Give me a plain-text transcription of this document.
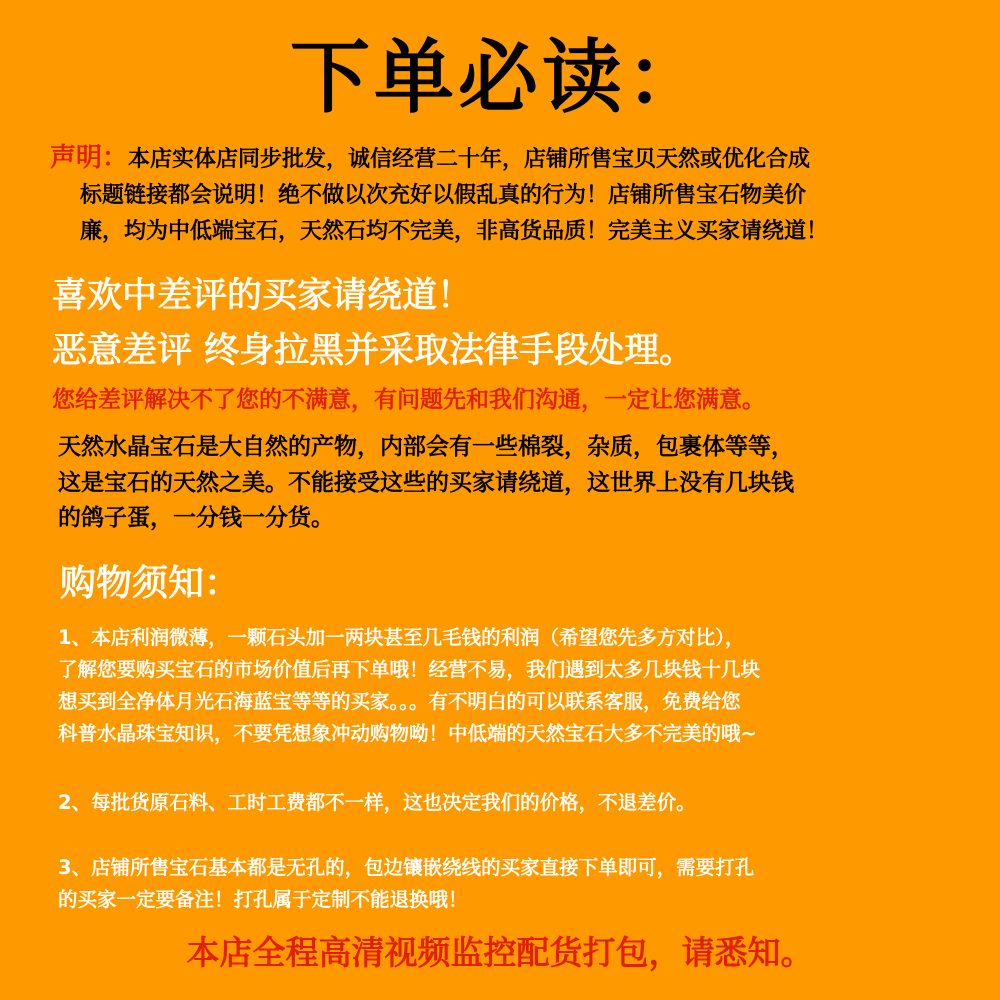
下单必读：
声明：本店实体店同步批发，诚信经营二十年，店铺所售宝贝天然或优化合成
标题链接都会说明！绝不做以次充好以假乱真的行为！店铺所售宝石物美价
廉，均为中低端宝石，天然石均不完美，非高货品质！完美主义买家请绕道！
喜欢中差评的买家请绕道！
恶意差评 终身拉黑并采取法律手段处理。
您给差评解决不了您的不满意，有问题先和我们沟通，一定让您满意。
天然水晶宝石是大自然的产物，内部会有一些棉裂，杂质，包裹体等等，
这是宝石的天然之美。不能接受这些的买家请绕道，这世界上没有几块钱
的鸽子蛋，一分钱一分货。
购物须知：
1、本店利润微薄，一颗石头加一两块甚至几毛钱的利润（希望您先多方对比），
了解您要购买宝石的市场价值后再下单哦！经营不易，我们遇到太多几块钱十几块
想买到全净体月光石海蓝宝等等的买家。。。有不明白的可以联系客服，免费给您
科普水晶珠宝知识，不要凭想象冲动购物呦！中低端的天然宝石大多不完美的哦~
2、每批货原石料、工时工费都不一样，这也决定我们的价格，不退差价。
3、店铺所售宝石基本都是无孔的，包边镶嵌绕线的买家直接下单即可，需要打孔
的买家一定要备注！打孔属于定制不能退换哦！
本店全程高清视频监控配货打包，请悉知。
